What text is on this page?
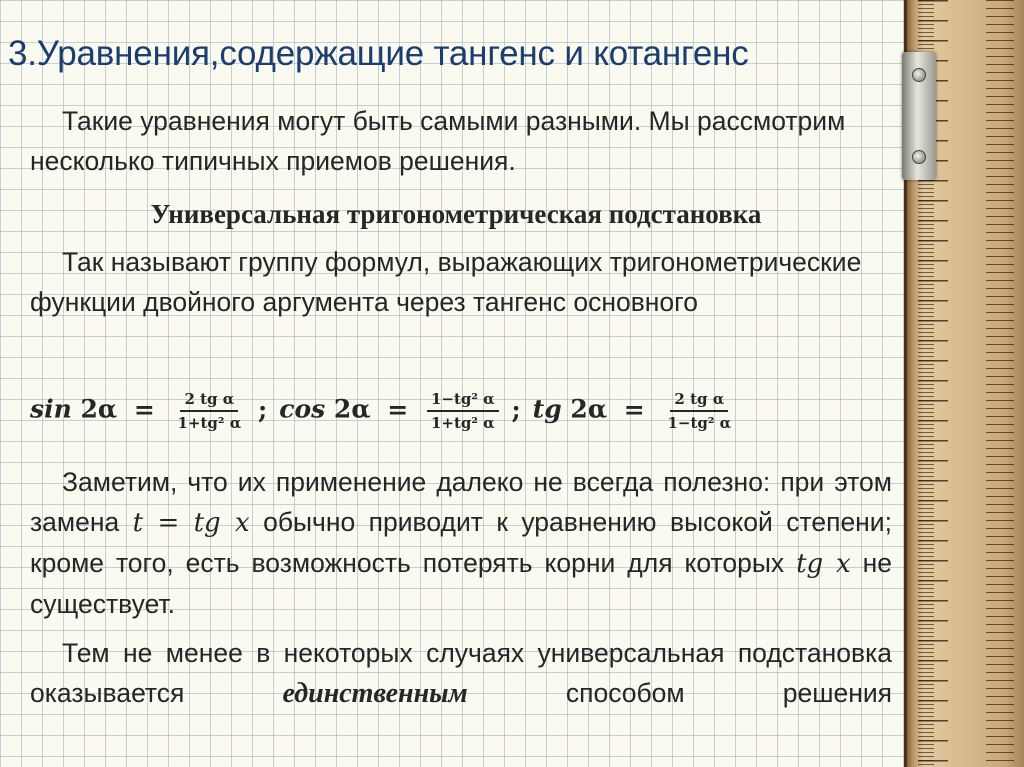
3.Уравнения,содержащие тангенс и котангенс

Такие уравнения могут быть самыми разными. Мы рассмотрим несколько типичных приемов решения.

Универсальная тригонометрическая подстановка

Так называют группу формул, выражающих тригонометрические функции двойного аргумента через тангенс основного

$\sin 2\alpha = \frac{\text{2 tg α}}{\text{1+tg² α}}$ ; $\cos 2\alpha = \frac{\text{1−tg² α}}{\text{1+tg² α}}$ ; tg $2\alpha = \frac{\text{2 tg α}}{\text{1−tg² α}}$

Заметим, что их применение далеко не всегда полезно: при этом замена t = tg x обычно приводит к уравнению высокой степени; кроме того, есть возможность потерять корни для которых tg x не существует.

Тем не менее в некоторых случаях универсальная подстановка оказывается единственным способом решения
